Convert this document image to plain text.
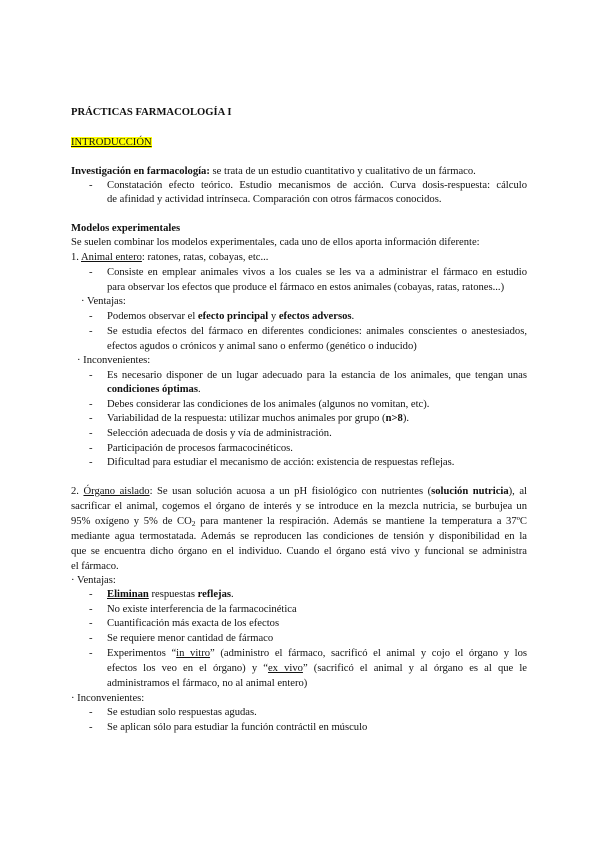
PRÁCTICAS FARMACOLOGÍA I
INTRODUCCIÓN
Investigación en farmacología: se trata de un estudio cuantitativo y cualitativo de un fármaco.
- Constatación efecto teórico. Estudio mecanismos de acción. Curva dosis-respuesta: cálculo
de afinidad y actividad intrínseca. Comparación con otros fármacos conocidos.
Modelos experimentales
Se suelen combinar los modelos experimentales, cada uno de ellos aporta información diferente:
1. Animal entero: ratones, ratas, cobayas, etc...
- Consiste en emplear animales vivos a los cuales se les va a administrar el fármaco en estudio
para observar los efectos que produce el fármaco en estos animales (cobayas, ratas, ratones...)
· Ventajas:
- Podemos observar el efecto principal y efectos adversos.
- Se estudia efectos del fármaco en diferentes condiciones: animales conscientes o anestesiados,
efectos agudos o crónicos y animal sano o enfermo (genético o inducido)
· Inconvenientes:
- Es necesario disponer de un lugar adecuado para la estancia de los animales, que tengan unas
condiciones óptimas.
- Debes considerar las condiciones de los animales (algunos no vomitan, etc).
- Variabilidad de la respuesta: utilizar muchos animales por grupo (n>8).
- Selección adecuada de dosis y vía de administración.
- Participación de procesos farmacocinéticos.
- Dificultad para estudiar el mecanismo de acción: existencia de respuestas reflejas.
2. Órgano aislado: Se usan solución acuosa a un pH fisiológico con nutrientes (solución nutricia), al
sacrificar el animal, cogemos el órgano de interés y se introduce en la mezcla nutricia, se burbujea un
95% oxígeno y 5% de $CO_2$ para mantener la respiración. Además se mantiene la temperatura a 37ºC
mediante agua termostatada. Además se reproducen las condiciones de tensión y disponibilidad en la
que se encuentra dicho órgano en el individuo. Cuando el órgano está vivo y funcional se administra
el fármaco.
· Ventajas:
- Eliminan respuestas reflejas.
- No existe interferencia de la farmacocinética
- Cuantificación más exacta de los efectos
- Se requiere menor cantidad de fármaco
- Experimentos “in vitro” (administro el fármaco, sacrificó el animal y cojo el órgano y los
efectos los veo en el órgano) y “ex vivo” (sacrificó el animal y al órgano es al que le
administramos el fármaco, no al animal entero)
· Inconvenientes:
- Se estudian solo respuestas agudas.
- Se aplican sólo para estudiar la función contráctil en músculo
